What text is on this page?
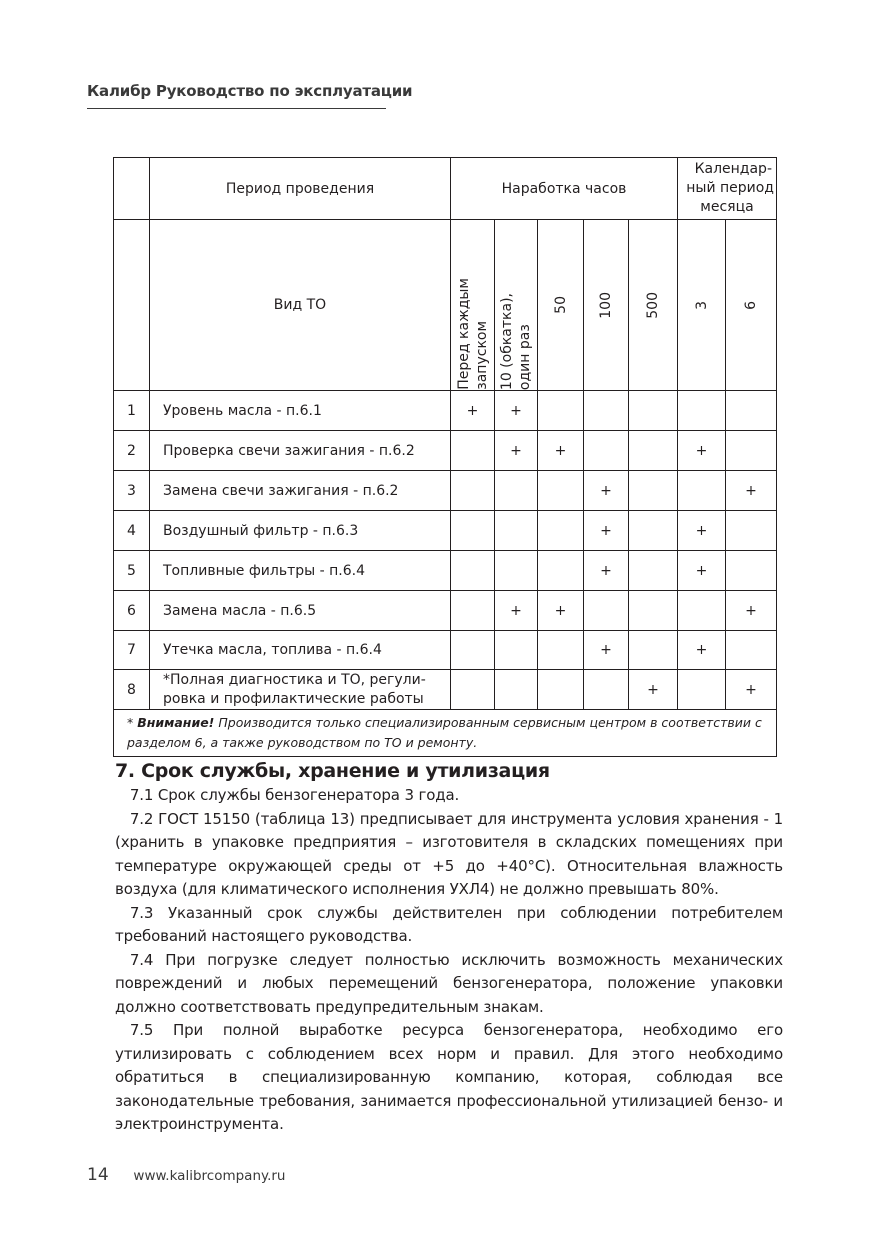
Калибр Руководство по эксплуатации
	Период проведения	Наработка часов					Календар-
ный период
месяца	

	Вид ТО	Перед каждым запуском	10 (обкатка), один раз	50	100	500	3	6

1	Уровень масла - п.6.1	+	+					
2	Проверка свечи зажигания - п.6.2		+	+			+	
3	Замена свечи зажигания - п.6.2				+			+
4	Воздушный фильтр - п.6.3				+		+	
5	Топливные фильтры - п.6.4				+		+	
6	Замена масла - п.6.5		+	+				+
7	Утечка масла, топлива - п.6.4				+		+	
8	*Полная диагностика и ТО, регули-
ровка и профилактические работы					+		+
* Внимание! Производится только специализированным сервисным центром в соответствии с разделом 6, а также руководством по ТО и ремонту.								
7. Срок службы, хранение и утилизация

 7.1 Срок службы бензогенератора 3 года.

 7.2 ГОСТ 15150 (таблица 13) предписывает для инструмента условия хранения - 1 (хранить в упаковке предприятия – изготовителя в складских помещениях при температуре окружающей среды от +5 до +40°С). Относительная влажность воздуха (для климатического исполнения УХЛ4) не должно превышать 80%.

 7.3 Указанный срок службы действителен при соблюдении потребителем требований настоящего руководства.

 7.4 При погрузке следует полностью исключить возможность механических повреждений и любых перемещений бензогенератора, положение упаковки должно соответствовать предупредительным знакам.

 7.5 При полной выработке ресурса бензогенератора, необходимо его утилизировать с соблюдением всех норм и правил. Для этого необходимо обратиться в специализированную компанию, которая, соблюдая все законодательные требования, занимается профессиональной утилизацией бензо- и электроинструмента.

14 www.kalibrcompany.ru
